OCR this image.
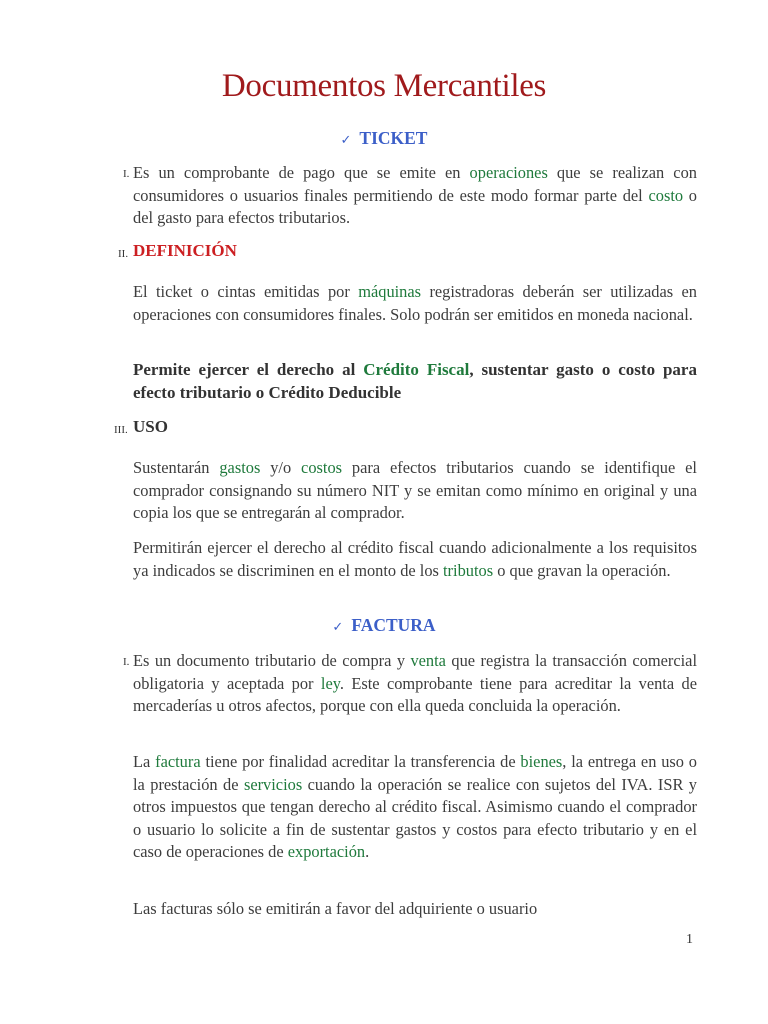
Documentos Mercantiles
✓ TICKET
I. Es un comprobante de pago que se emite en operaciones que se realizan con consumidores o usuarios finales permitiendo de este modo formar parte del costo o del gasto para efectos tributarios.
II. DEFINICIÓN
El ticket o cintas emitidas por máquinas registradoras deberán ser utilizadas en operaciones con consumidores finales. Solo podrán ser emitidos en moneda nacional.
Permite ejercer el derecho al Crédito Fiscal, sustentar gasto o costo para efecto tributario o Crédito Deducible
III. USO
Sustentarán gastos y/o costos para efectos tributarios cuando se identifique el comprador consignando su número NIT y se emitan como mínimo en original y una copia los que se entregarán al comprador.
Permitirán ejercer el derecho al crédito fiscal cuando adicionalmente a los requisitos ya indicados se discriminen en el monto de los tributos o que gravan la operación.
✓ FACTURA
I. Es un documento tributario de compra y venta que registra la transacción comercial obligatoria y aceptada por ley. Este comprobante tiene para acreditar la venta de mercaderías u otros afectos, porque con ella queda concluida la operación.
La factura tiene por finalidad acreditar la transferencia de bienes, la entrega en uso o la prestación de servicios cuando la operación se realice con sujetos del IVA. ISR y otros impuestos que tengan derecho al crédito fiscal. Asimismo cuando el comprador o usuario lo solicite a fin de sustentar gastos y costos para efecto tributario y en el caso de operaciones de exportación.
Las facturas sólo se emitirán a favor del adquiriente o usuario
1
